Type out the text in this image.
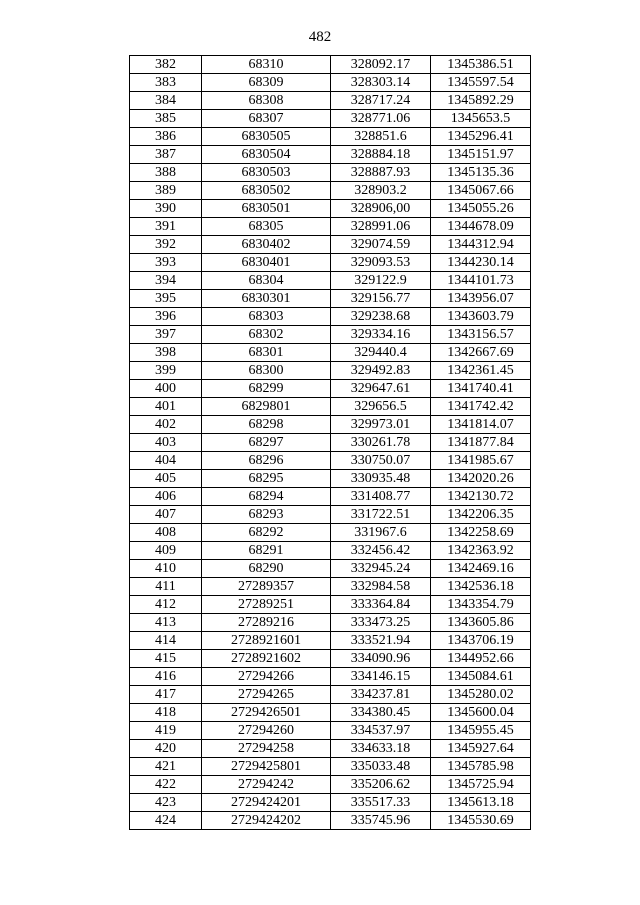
482
382	68310	328092.17	1345386.51
383	68309	328303.14	1345597.54
384	68308	328717.24	1345892.29
385	68307	328771.06	1345653.5
386	6830505	328851.6	1345296.41
387	6830504	328884.18	1345151.97
388	6830503	328887.93	1345135.36
389	6830502	328903.2	1345067.66
390	6830501	328906,00	1345055.26
391	68305	328991.06	1344678.09
392	6830402	329074.59	1344312.94
393	6830401	329093.53	1344230.14
394	68304	329122.9	1344101.73
395	6830301	329156.77	1343956.07
396	68303	329238.68	1343603.79
397	68302	329334.16	1343156.57
398	68301	329440.4	1342667.69
399	68300	329492.83	1342361.45
400	68299	329647.61	1341740.41
401	6829801	329656.5	1341742.42
402	68298	329973.01	1341814.07
403	68297	330261.78	1341877.84
404	68296	330750.07	1341985.67
405	68295	330935.48	1342020.26
406	68294	331408.77	1342130.72
407	68293	331722.51	1342206.35
408	68292	331967.6	1342258.69
409	68291	332456.42	1342363.92
410	68290	332945.24	1342469.16
411	27289357	332984.58	1342536.18
412	27289251	333364.84	1343354.79
413	27289216	333473.25	1343605.86
414	2728921601	333521.94	1343706.19
415	2728921602	334090.96	1344952.66
416	27294266	334146.15	1345084.61
417	27294265	334237.81	1345280.02
418	2729426501	334380.45	1345600.04
419	27294260	334537.97	1345955.45
420	27294258	334633.18	1345927.64
421	2729425801	335033.48	1345785.98
422	27294242	335206.62	1345725.94
423	2729424201	335517.33	1345613.18
424	2729424202	335745.96	1345530.69
